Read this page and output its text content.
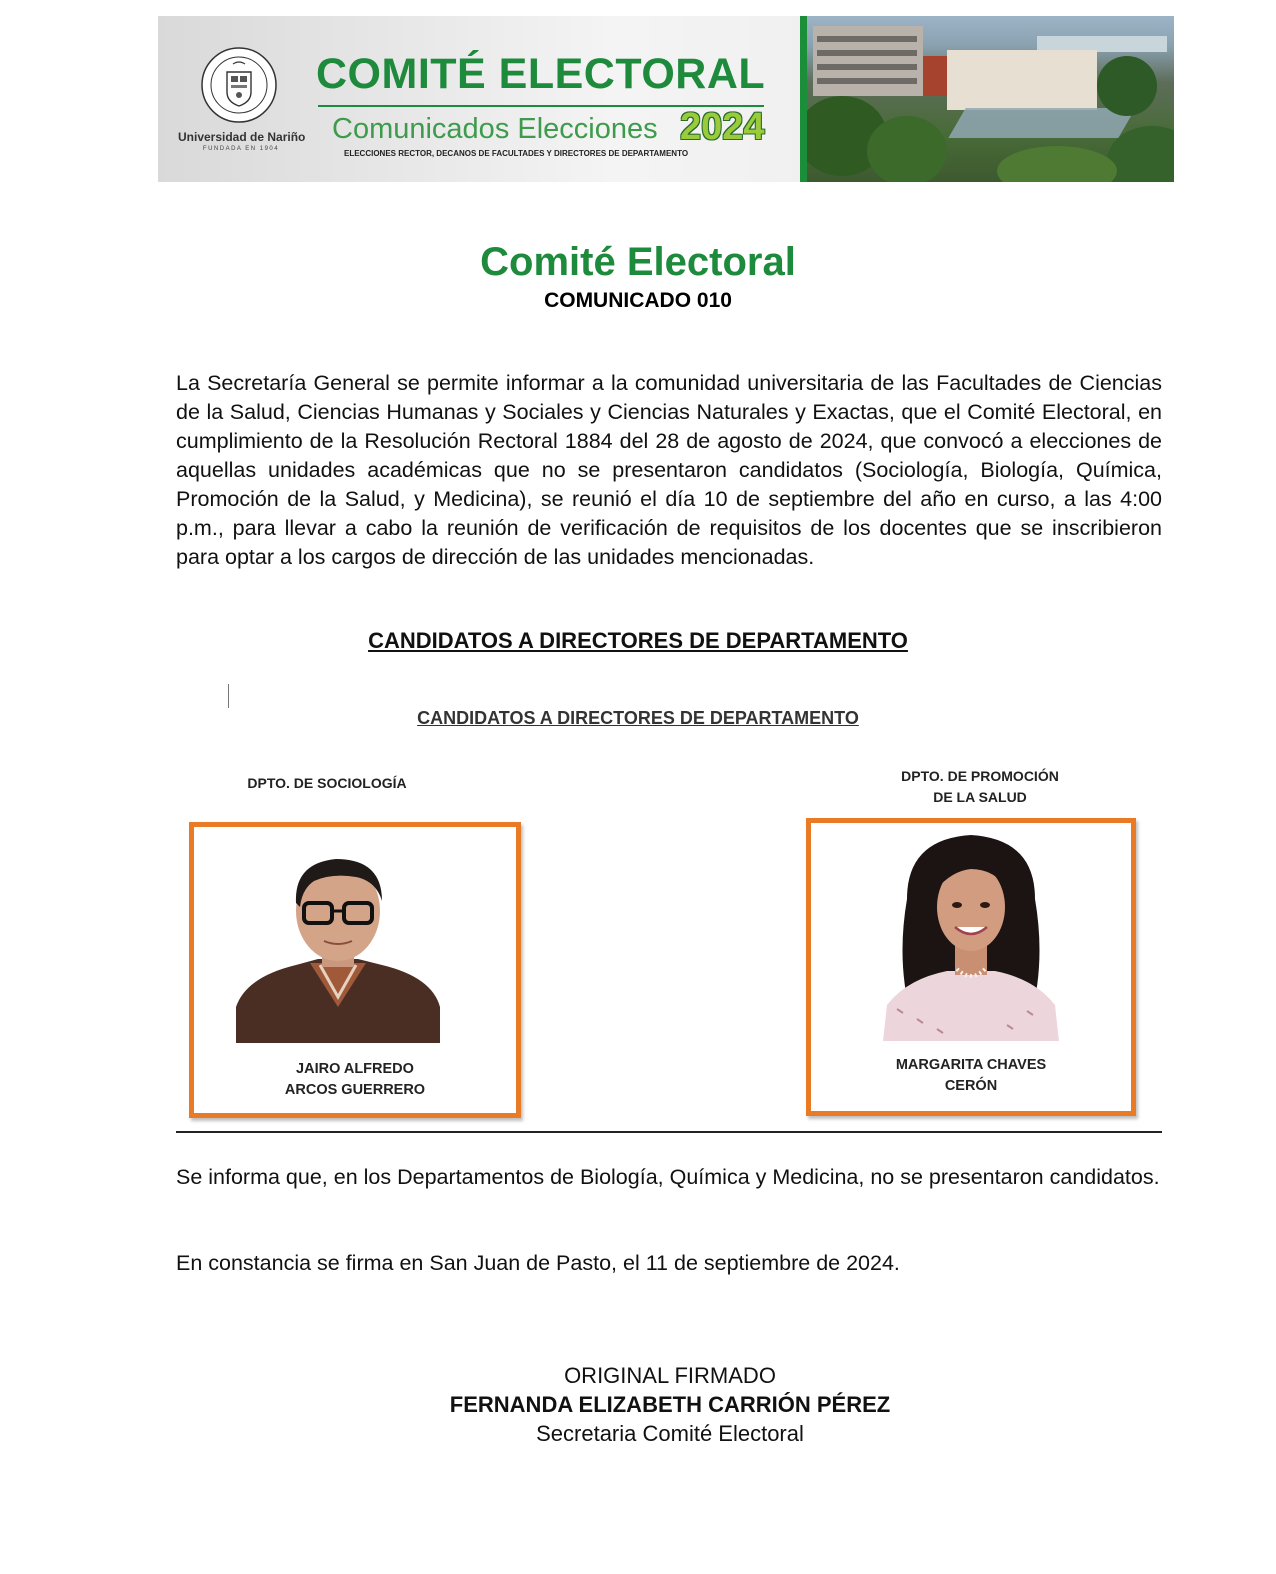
Universidad de Nariño
FUNDADA EN 1904
COMITÉ ELECTORAL
Comunicados Elecciones 2024
ELECCIONES RECTOR, DECANOS DE FACULTADES Y DIRECTORES DE DEPARTAMENTO
Comité Electoral
COMUNICADO 010
La Secretaría General se permite informar a la comunidad universitaria de las Facultades de Ciencias de la Salud, Ciencias Humanas y Sociales y Ciencias Naturales y Exactas, que el Comité Electoral, en cumplimiento de la Resolución Rectoral 1884 del 28 de agosto de 2024, que convocó a elecciones de aquellas unidades académicas que no se presentaron candidatos (Sociología, Biología, Química, Promoción de la Salud, y Medicina), se reunió el día 10 de septiembre del año en curso, a las 4:00 p.m., para llevar a cabo la reunión de verificación de requisitos de los docentes que se inscribieron para optar a los cargos de dirección de las unidades mencionadas.
CANDIDATOS A DIRECTORES DE DEPARTAMENTO
CANDIDATOS A DIRECTORES DE DEPARTAMENTO
DPTO. DE SOCIOLOGÍA	DPTO. DE PROMOCIÓN
DE LA SALUD
JAIRO ALFREDO
ARCOS GUERRERO
MARGARITA CHAVES
CERÓN
Se informa que, en los Departamentos de Biología, Química y Medicina, no se presentaron candidatos.
En constancia se firma en San Juan de Pasto, el 11 de septiembre de 2024.
ORIGINAL FIRMADO
FERNANDA ELIZABETH CARRIÓN PÉREZ
Secretaria Comité Electoral
